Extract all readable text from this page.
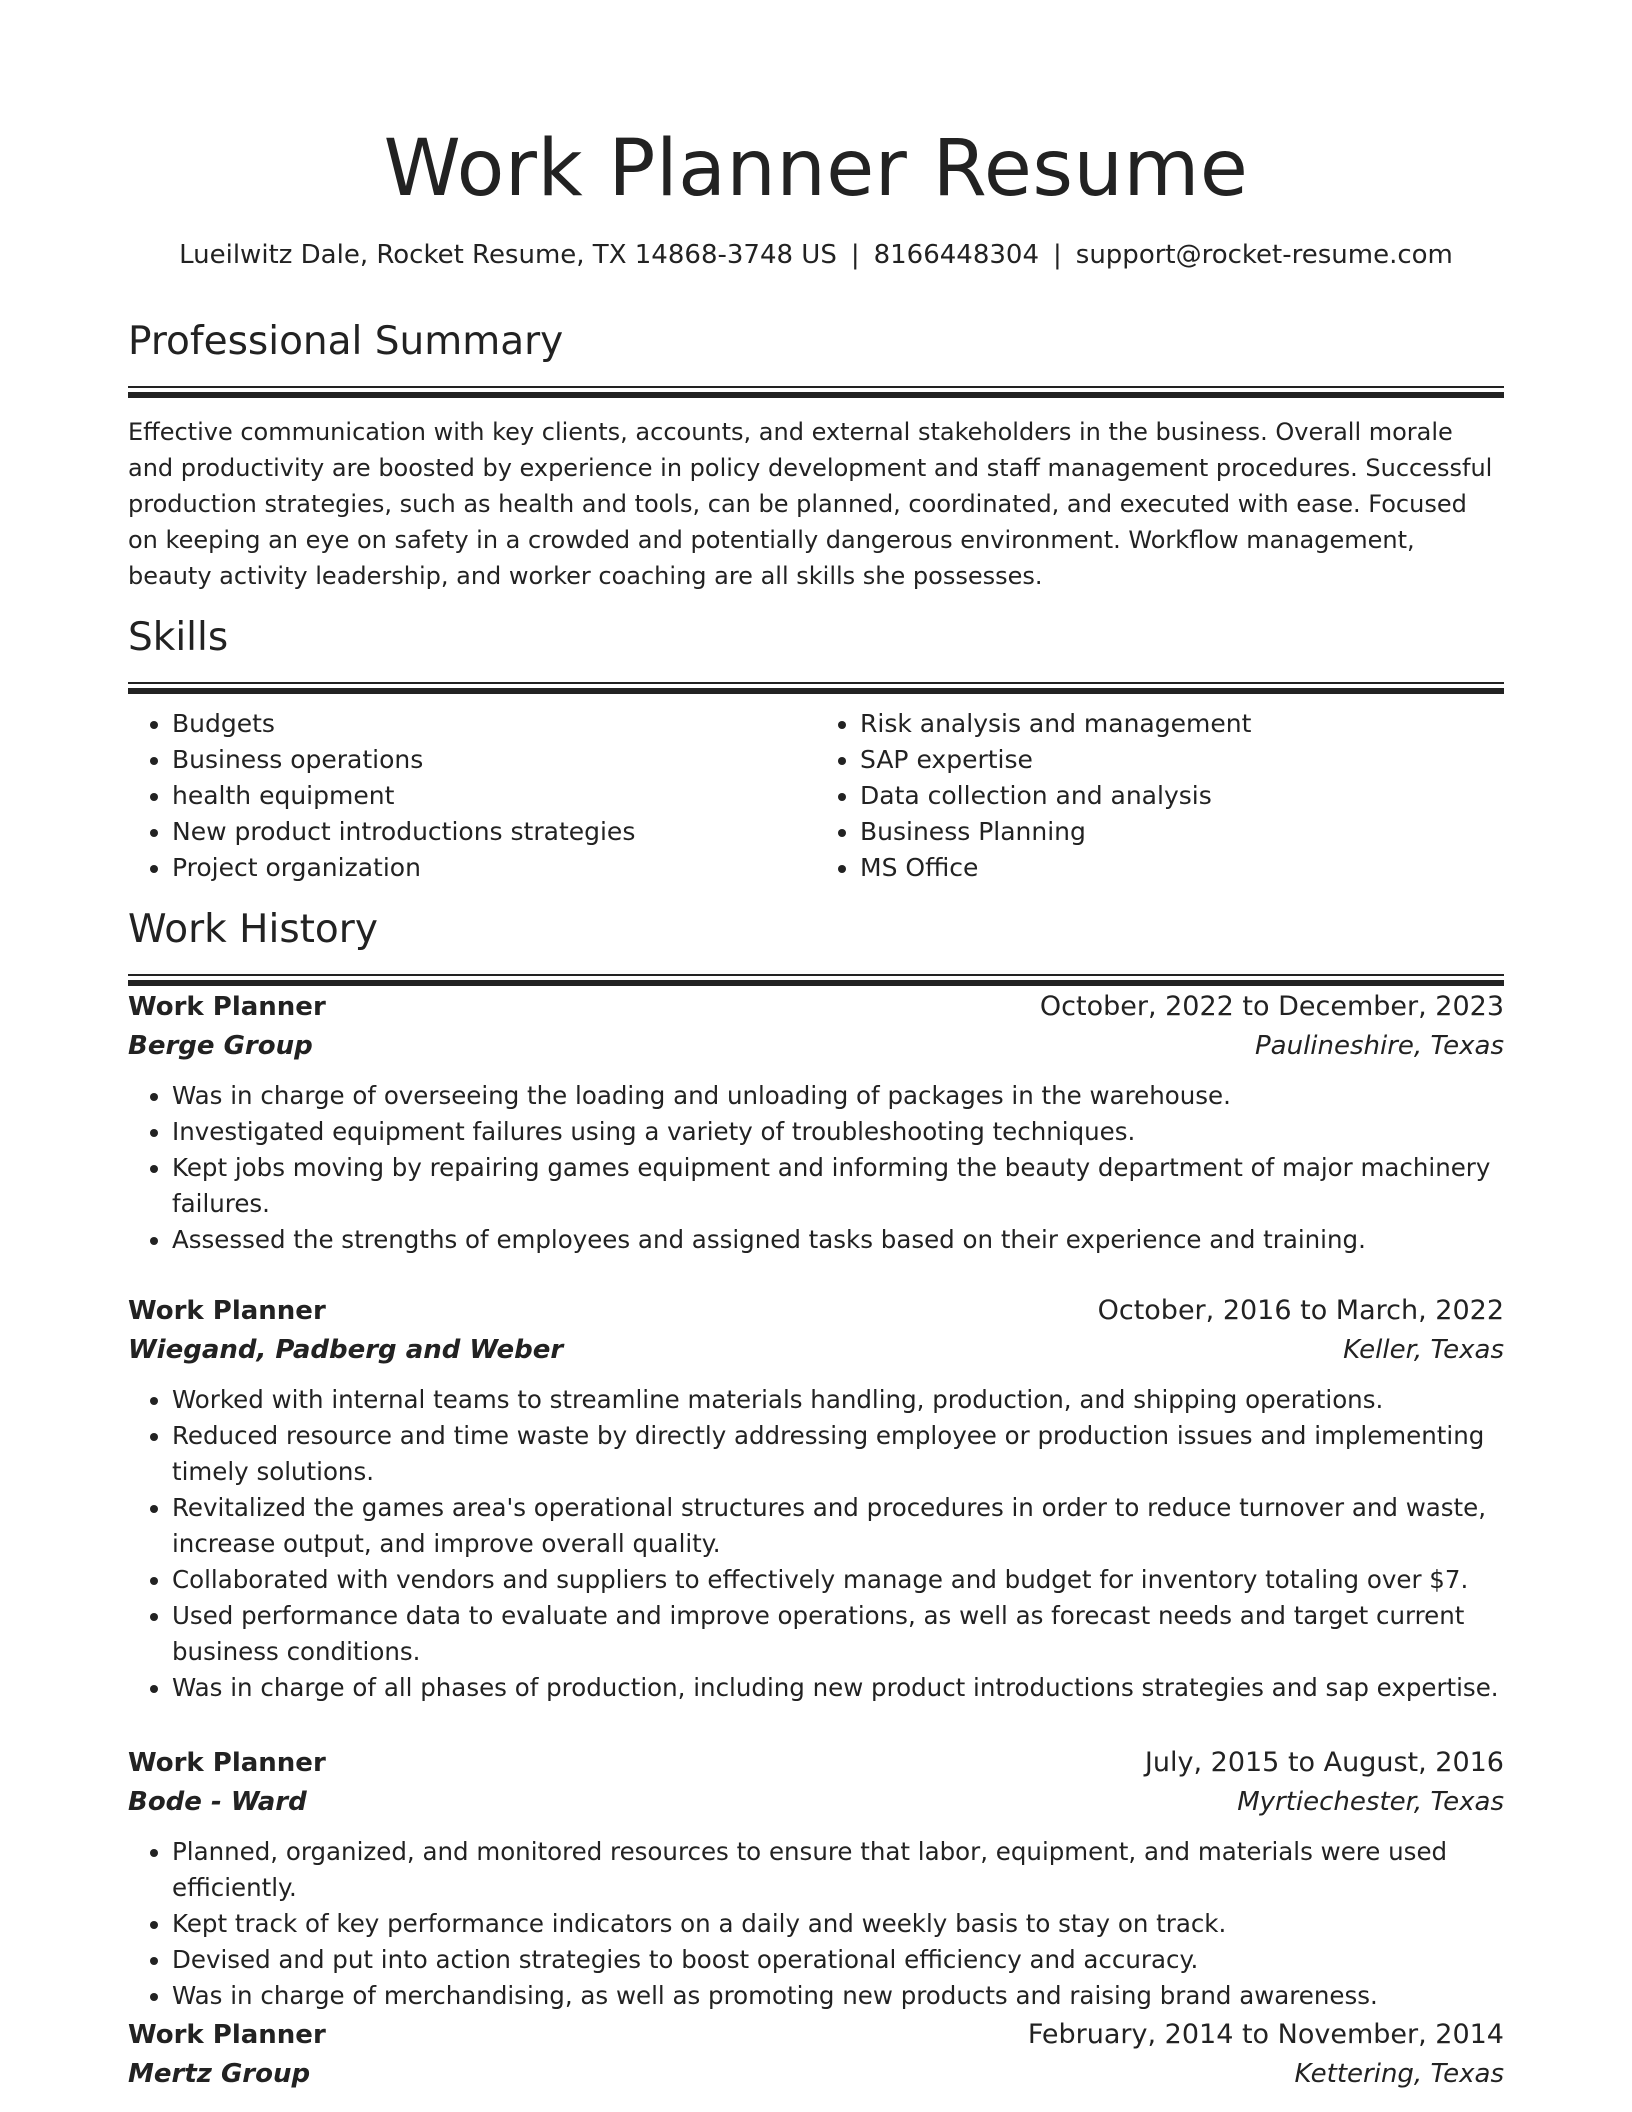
Work Planner Resume
Lueilwitz Dale, Rocket Resume, TX 14868-3748 US | 8166448304 | support@rocket-resume.com
Professional Summary

Effective communication with key clients, accounts, and external stakeholders in the business. Overall morale and productivity are boosted by experience in policy development and staff management procedures. Successful production strategies, such as health and tools, can be planned, coordinated, and executed with ease. Focused on keeping an eye on safety in a crowded and potentially dangerous environment. Workflow management, beauty activity leadership, and worker coaching are all skills she possesses.

Skills
• Budgets
• Business operations
• health equipment
• New product introductions strategies
• Project organization
• Risk analysis and management
• SAP expertise
• Data collection and analysis
• Business Planning
• MS Office
Work History
Work Planner	October, 2022 to December, 2023
Berge Group	Paulineshire, Texas
• Was in charge of overseeing the loading and unloading of packages in the warehouse.
• Investigated equipment failures using a variety of troubleshooting techniques.
• Kept jobs moving by repairing games equipment and informing the beauty department of major machinery failures.
• Assessed the strengths of employees and assigned tasks based on their experience and training.
Work Planner	October, 2016 to March, 2022
Wiegand, Padberg and Weber	Keller, Texas
• Worked with internal teams to streamline materials handling, production, and shipping operations.
• Reduced resource and time waste by directly addressing employee or production issues and implementing timely solutions.
• Revitalized the games area's operational structures and procedures in order to reduce turnover and waste, increase output, and improve overall quality.
• Collaborated with vendors and suppliers to effectively manage and budget for inventory totaling over $7.
• Used performance data to evaluate and improve operations, as well as forecast needs and target current business conditions.
• Was in charge of all phases of production, including new product introductions strategies and sap expertise.
Work Planner	July, 2015 to August, 2016
Bode - Ward	Myrtiechester, Texas
• Planned, organized, and monitored resources to ensure that labor, equipment, and materials were used efficiently.
• Kept track of key performance indicators on a daily and weekly basis to stay on track.
• Devised and put into action strategies to boost operational efficiency and accuracy.
• Was in charge of merchandising, as well as promoting new products and raising brand awareness.
Work Planner	February, 2014 to November, 2014
Mertz Group	Kettering, Texas
